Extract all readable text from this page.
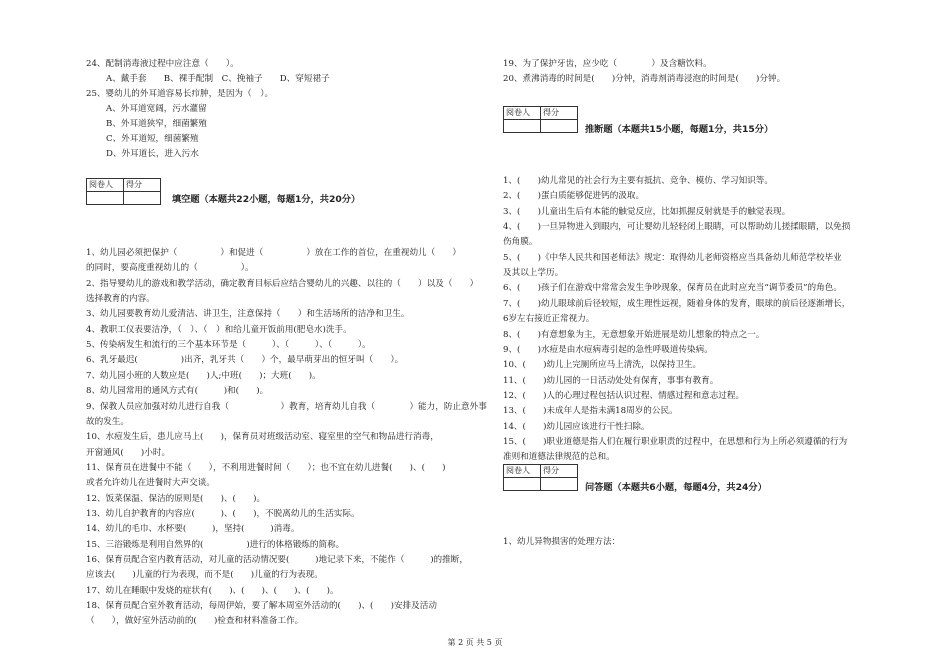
24、配制消毒液过程中应注意（　　）。
A、戴手套　　B、裸手配制　C、挽袖子　　D、穿短裙子
25、婴幼儿的外耳道容易长疖肿，是因为（　）。
A、外耳道宽阔，污水灌留
B、外耳道狭窄，细菌繁殖
C、外耳道短，细菌繁殖
D、外耳道长，进入污水
阅卷人	得分

填空题（本题共22小题，每题1分，共20分）
1、幼儿园必须把保护（　　　　　）和促进（　　　　　）放在工作的首位，在重视幼儿（　　）
的同时，要高度重视幼儿的（　　　　　）。
2、指导婴幼儿的游戏和教学活动，确定教育目标后应结合婴幼儿的兴趣、以往的（　　）以及（　　）
选择教育的内容。
3、幼儿园要教育幼儿爱清洁、讲卫生，注意保持（　　）和生活场所的洁净和卫生。
4、教职工仪表要洁净，（　）、（　）和给儿童开饭前用(肥皂水)洗手。
5、传染病发生和流行的三个基本环节是（　　　）、（　　　）、（　　　）。
6、乳牙最迟(　　　　　)出齐，乳牙共（　　）个，最早萌芽出的恒牙叫（　　）。
7、幼儿园小班的人数应是(　　)人;中班(　　)；大班(　　)。
8、幼儿园常用的通风方式有(　　　)和(　　)。
9、保教人员应加强对幼儿进行自我（　　　　　　）教育，培育幼儿自我（　　　　）能力，防止意外事
故的发生。
10、水痘发生后，患儿应马上(　　)，保育员对班级活动室、寝室里的空气和物品进行消毒，
开窗通风(　　)小时。
11、保育员在进餐中不能（　　），不利用进餐时间（　　）；也不宜在幼儿进餐(　　)、(　　)
或者允许幼儿在进餐时大声交谈。
12、饭菜保温、保洁的原则是(　　)、(　　)。
13、幼儿自护教育的内容应(　　　)、(　　)，不脱离幼儿的生活实际。
14、幼儿的毛巾、水杯要(　　　)，坚持(　　　)消毒。
15、三浴锻炼是利用自然界的(　　　　　)进行的体格锻炼的简称。
16、保育员配合室内教育活动，对儿童的活动情况要(　　　)地记录下来，不能作（　　　)的推断，
应该去(　　)儿童的行为表现，而不是(　　)儿童的行为表现。
17、幼儿在睡眠中发烧的症状有(　　)、(　　)、(　　)、(　　)。
18、保育员配合室外教育活动，每周伊始，要了解本周室外活动的(　　)、(　　)安排及活动
（　　），做好室外活动前的(　　)检查和材料准备工作。
19、为了保护牙齿，应少吃（　　　　）及含糖饮料。
20、煮沸消毒的时间是(　　)分钟，消毒剂消毒浸泡的时间是(　　)分钟。
阅卷人	得分

推断题（本题共15小题，每题1分，共15分）
1、(　　)幼儿常见的社会行为主要有抵抗、竞争、模仿、学习知识等。
2、(　　)蛋白质能够促进钙的汲取。
3、(　　)儿童出生后有本能的触觉反应，比如抓握反射就是手的触觉表现。
4、(　　)一旦异物进入到眼内，可让婴幼儿轻轻闭上眼睛，可以帮助幼儿搓揉眼睛，以免损
伤角膜。
5、(　　)《中华人民共和国老师法》规定：取得幼儿老师资格应当具备幼儿师范学校毕业
及其以上学历。
6、(　　)孩子们在游戏中常常会发生争吵现象，保育员在此时应充当“调节委员”的角色。
7、(　　)幼儿眼球前后径较短，成生理性远视，随着身体的发育，眼球的前后径逐渐增长，
6岁左右接近正常视力。
8、(　　)有意想象为主，无意想象开始进展是幼儿想象的特点之一。
9、(　　)水痘是由水痘病毒引起的急性呼吸道传染病。
10、(　　)幼儿上完厕所应马上清洗，以保持卫生。
11、(　　)幼儿园的一日活动处处有保育，事事有教育。
12、(　　)人的心理过程包括认识过程、情感过程和意志过程。
13、(　　)未成年人是指未满18周岁的公民。
14、(　　)幼儿园应该进行干性扫除。
15、(　　)职业道德是指人们在履行职业职责的过程中，在思想和行为上所必须遵循的行为
准则和道德法律规范的总和。
阅卷人	得分

问答题（本题共6小题，每题4分，共24分）
1、幼儿异物损害的处理方法：
第 2 页 共 5 页
